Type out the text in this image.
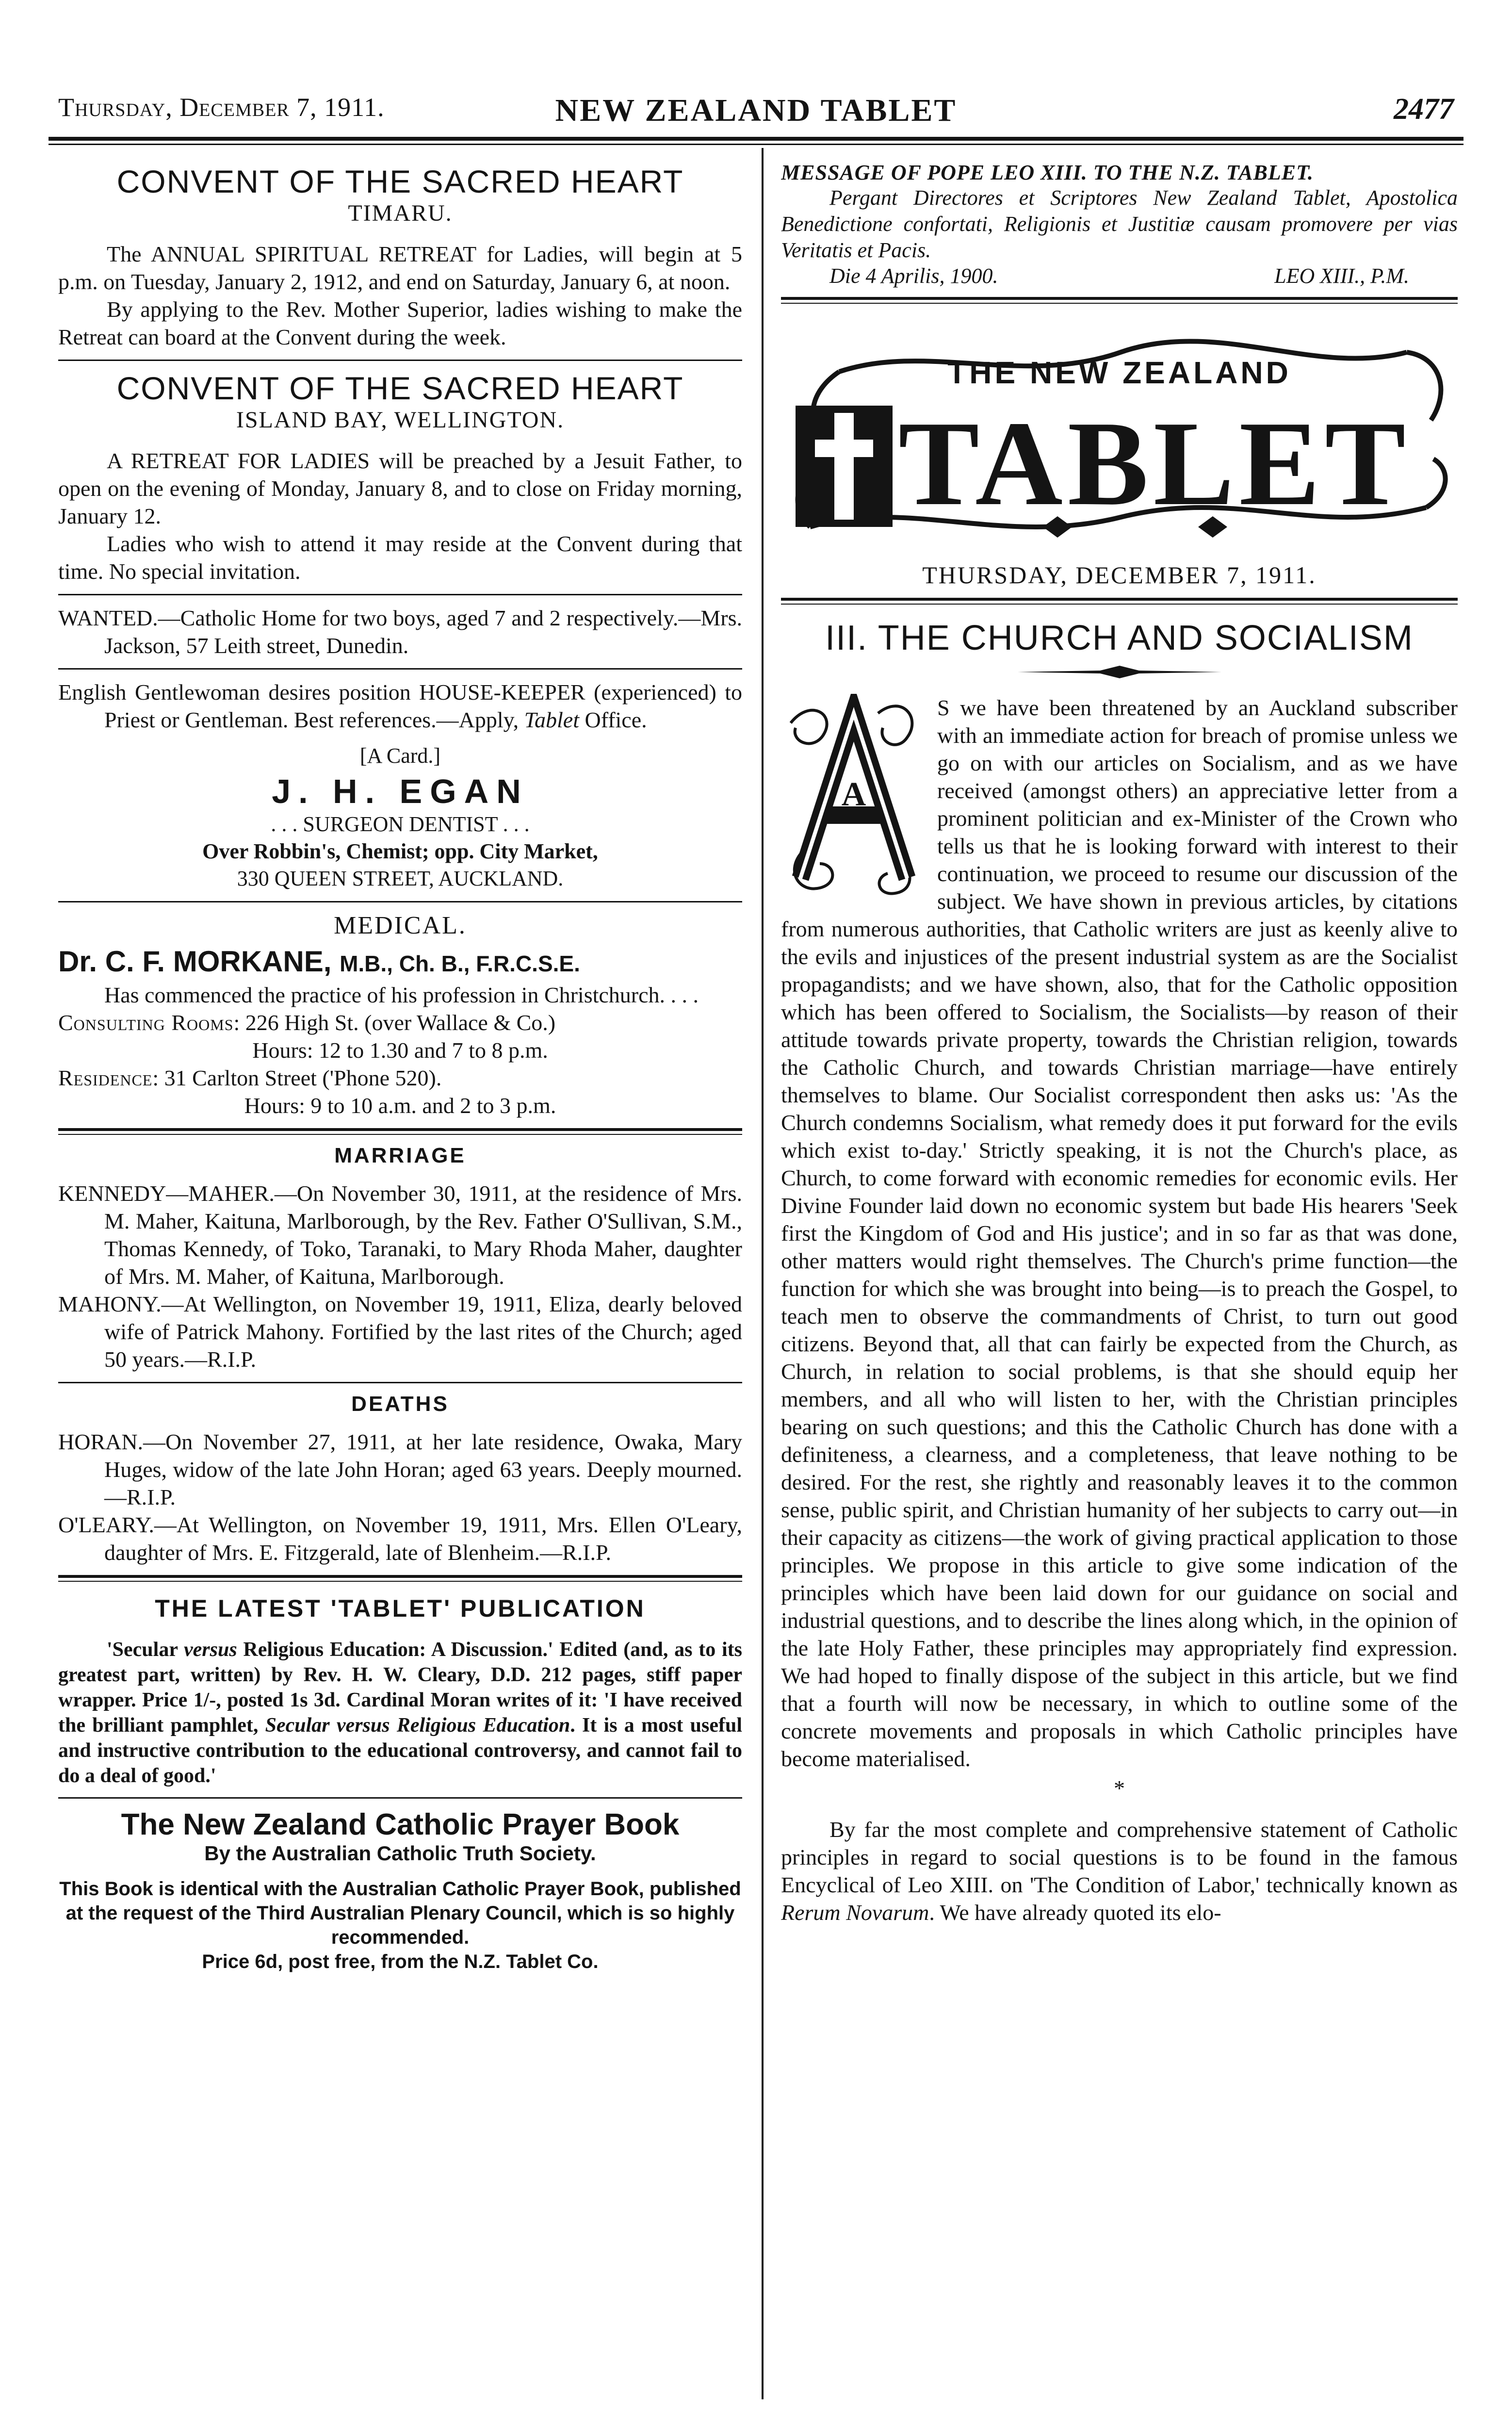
Thursday, December 7, 1911.	NEW ZEALAND TABLET	2477
CONVENT OF THE SACRED HEART
TIMARU.

The ANNUAL SPIRITUAL RETREAT for Ladies, will begin at 5 p.m. on Tuesday, January 2, 1912, and end on Saturday, January 6, at noon.

By applying to the Rev. Mother Superior, ladies wishing to make the Retreat can board at the Convent during the week.

CONVENT OF THE SACRED HEART
ISLAND BAY, WELLINGTON.

A RETREAT FOR LADIES will be preached by a Jesuit Father, to open on the evening of Monday, January 8, and to close on Friday morning, January 12.

Ladies who wish to attend it may reside at the Convent during that time. No special invitation.

WANTED.—Catholic Home for two boys, aged 7 and 2 respectively.—Mrs. Jackson, 57 Leith street, Dunedin.

English Gentlewoman desires position HOUSE-KEEPER (experienced) to Priest or Gentleman. Best references.—Apply, Tablet Office.

[A Card.]
J. H. EGAN
. . . SURGEON DENTIST . . .
Over Robbin's, Chemist; opp. City Market,
330 QUEEN STREET, AUCKLAND.
MEDICAL.
Dr. C. F. MORKANE, M.B., Ch. B., F.R.C.S.E.

Has commenced the practice of his profession in Christchurch. . . .

Consulting Rooms: 226 High St. (over Wallace & Co.)

Hours: 12 to 1.30 and 7 to 8 p.m.

Residence: 31 Carlton Street ('Phone 520).

Hours: 9 to 10 a.m. and 2 to 3 p.m.

MARRIAGE

KENNEDY—MAHER.—On November 30, 1911, at the residence of Mrs. M. Maher, Kaituna, Marlborough, by the Rev. Father O'Sullivan, S.M., Thomas Kennedy, of Toko, Taranaki, to Mary Rhoda Maher, daughter of Mrs. M. Maher, of Kaituna, Marlborough.

MAHONY.—At Wellington, on November 19, 1911, Eliza, dearly beloved wife of Patrick Mahony. Fortified by the last rites of the Church; aged 50 years.—R.I.P.

DEATHS

HORAN.—On November 27, 1911, at her late residence, Owaka, Mary Huges, widow of the late John Horan; aged 63 years. Deeply mourned.—R.I.P.

O'LEARY.—At Wellington, on November 19, 1911, Mrs. Ellen O'Leary, daughter of Mrs. E. Fitzgerald, late of Blenheim.—R.I.P.

THE LATEST 'TABLET' PUBLICATION

'Secular versus Religious Education: A Discussion.' Edited (and, as to its greatest part, written) by Rev. H. W. Cleary, D.D. 212 pages, stiff paper wrapper. Price 1/-, posted 1s 3d. Cardinal Moran writes of it: 'I have received the brilliant pamphlet, Secular versus Religious Education. It is a most useful and instructive contribution to the educational controversy, and cannot fail to do a deal of good.'

The New Zealand Catholic Prayer Book
By the Australian Catholic Truth Society.

This Book is identical with the Australian Catholic Prayer Book, published at the request of the Third Australian Plenary Council, which is so highly recommended.

Price 6d, post free, from the N.Z. Tablet Co.

MESSAGE OF POPE LEO XIII. TO THE N.Z. TABLET.

Pergant Directores et Scriptores New Zealand Tablet, Apostolica Benedictione confortati, Religionis et Justitiæ causam promovere per vias Veritatis et Pacis.

Die 4 Aprilis, 1900.	LEO XIII., P.M.
THE NEW ZEALAND
TABLET
THURSDAY, DECEMBER 7, 1911.
III. THE CHURCH AND SOCIALISM
A

S we have been threatened by an Auckland subscriber with an immediate action for breach of promise unless we go on with our articles on Socialism, and as we have received (amongst others) an appreciative letter from a prominent politician and ex-Minister of the Crown who tells us that he is looking forward with interest to their continuation, we proceed to resume our discussion of the subject. We have shown in previous articles, by citations from numerous authorities, that Catholic writers are just as keenly alive to the evils and injustices of the present industrial system as are the Socialist propagandists; and we have shown, also, that for the Catholic opposition which has been offered to Socialism, the Socialists—by reason of their attitude towards private property, towards the Christian religion, towards the Catholic Church, and towards Christian marriage—have entirely themselves to blame. Our Socialist correspondent then asks us: 'As the Church condemns Socialism, what remedy does it put forward for the evils which exist to-day.' Strictly speaking, it is not the Church's place, as Church, to come forward with economic remedies for economic evils. Her Divine Founder laid down no economic system but bade His hearers 'Seek first the Kingdom of God and His justice'; and in so far as that was done, other matters would right themselves. The Church's prime function—the function for which she was brought into being—is to preach the Gospel, to teach men to observe the commandments of Christ, to turn out good citizens. Beyond that, all that can fairly be expected from the Church, as Church, in relation to social problems, is that she should equip her members, and all who will listen to her, with the Christian principles bearing on such questions; and this the Catholic Church has done with a definiteness, a clearness, and a completeness, that leave nothing to be desired. For the rest, she rightly and reasonably leaves it to the common sense, public spirit, and Christian humanity of her subjects to carry out—in their capacity as citizens—the work of giving practical application to those principles. We propose in this article to give some indication of the principles which have been laid down for our guidance on social and industrial questions, and to describe the lines along which, in the opinion of the late Holy Father, these principles may appropriately find expression. We had hoped to finally dispose of the subject in this article, but we find that a fourth will now be necessary, in which to outline some of the concrete movements and proposals in which Catholic principles have become materialised.

*

By far the most complete and comprehensive statement of Catholic principles in regard to social questions is to be found in the famous Encyclical of Leo XIII. on 'The Condition of Labor,' technically known as Rerum Novarum. We have already quoted its elo-
